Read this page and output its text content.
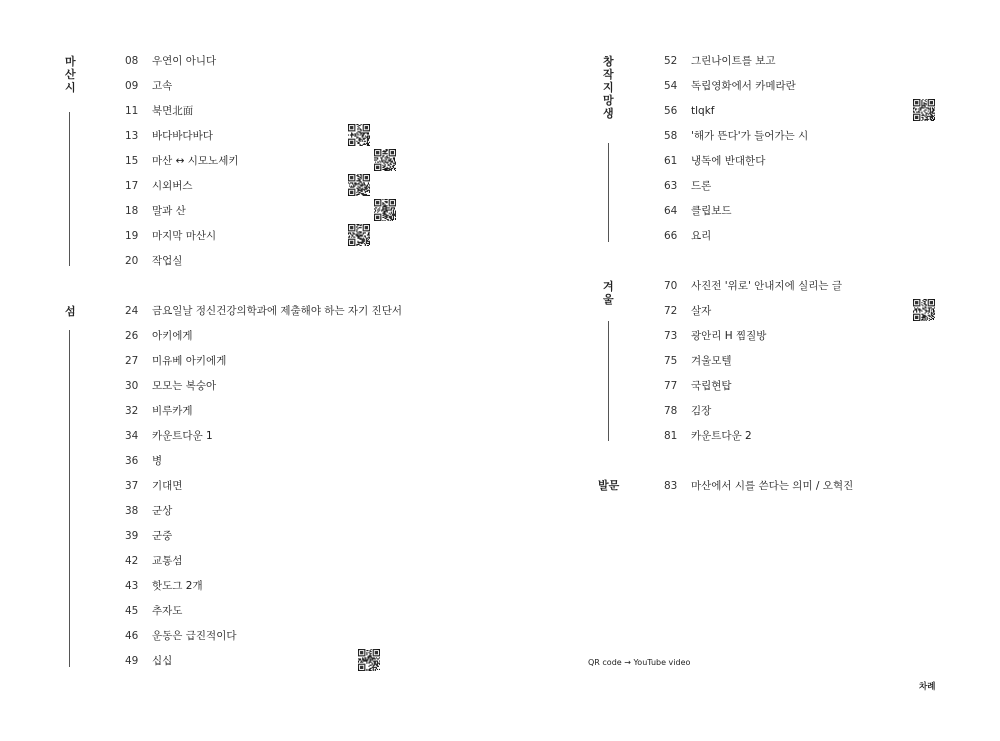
마
산
시
섬
창
작
지
망
생
겨
울
발문
08 우연이 아니다
09 고속
11 북면北面
13 바다바다바다
15 마산 ↔ 시모노세키
17 시외버스
18 말과 산
19 마지막 마산시
20 작업실
24 금요일날 정신건강의학과에 제출해야 하는 자기 진단서
26 아키에게
27 미유베 아키에게
30 모모는 복숭아
32 비루카게
34 카운트다운 1
36 병
37 기대면
38 군상
39 군중
42 교통섬
43 핫도그 2개
45 추자도
46 운동은 급진적이다
49 십십
52 그린나이트를 보고
54 독립영화에서 카메라란
56 tlqkf
58 '해가 뜬다'가 들어가는 시
61 냉독에 반대한다
63 드론
64 클립보드
66 요리
70 사진전 '위로' 안내지에 실리는 글
72 살자
73 광안리 H 찜질방
75 겨울모텔
77 국립현탑
78 김장
81 카운트다운 2
83 마산에서 시를 쓴다는 의미 / 오혁진
QR code → YouTube video
차례
